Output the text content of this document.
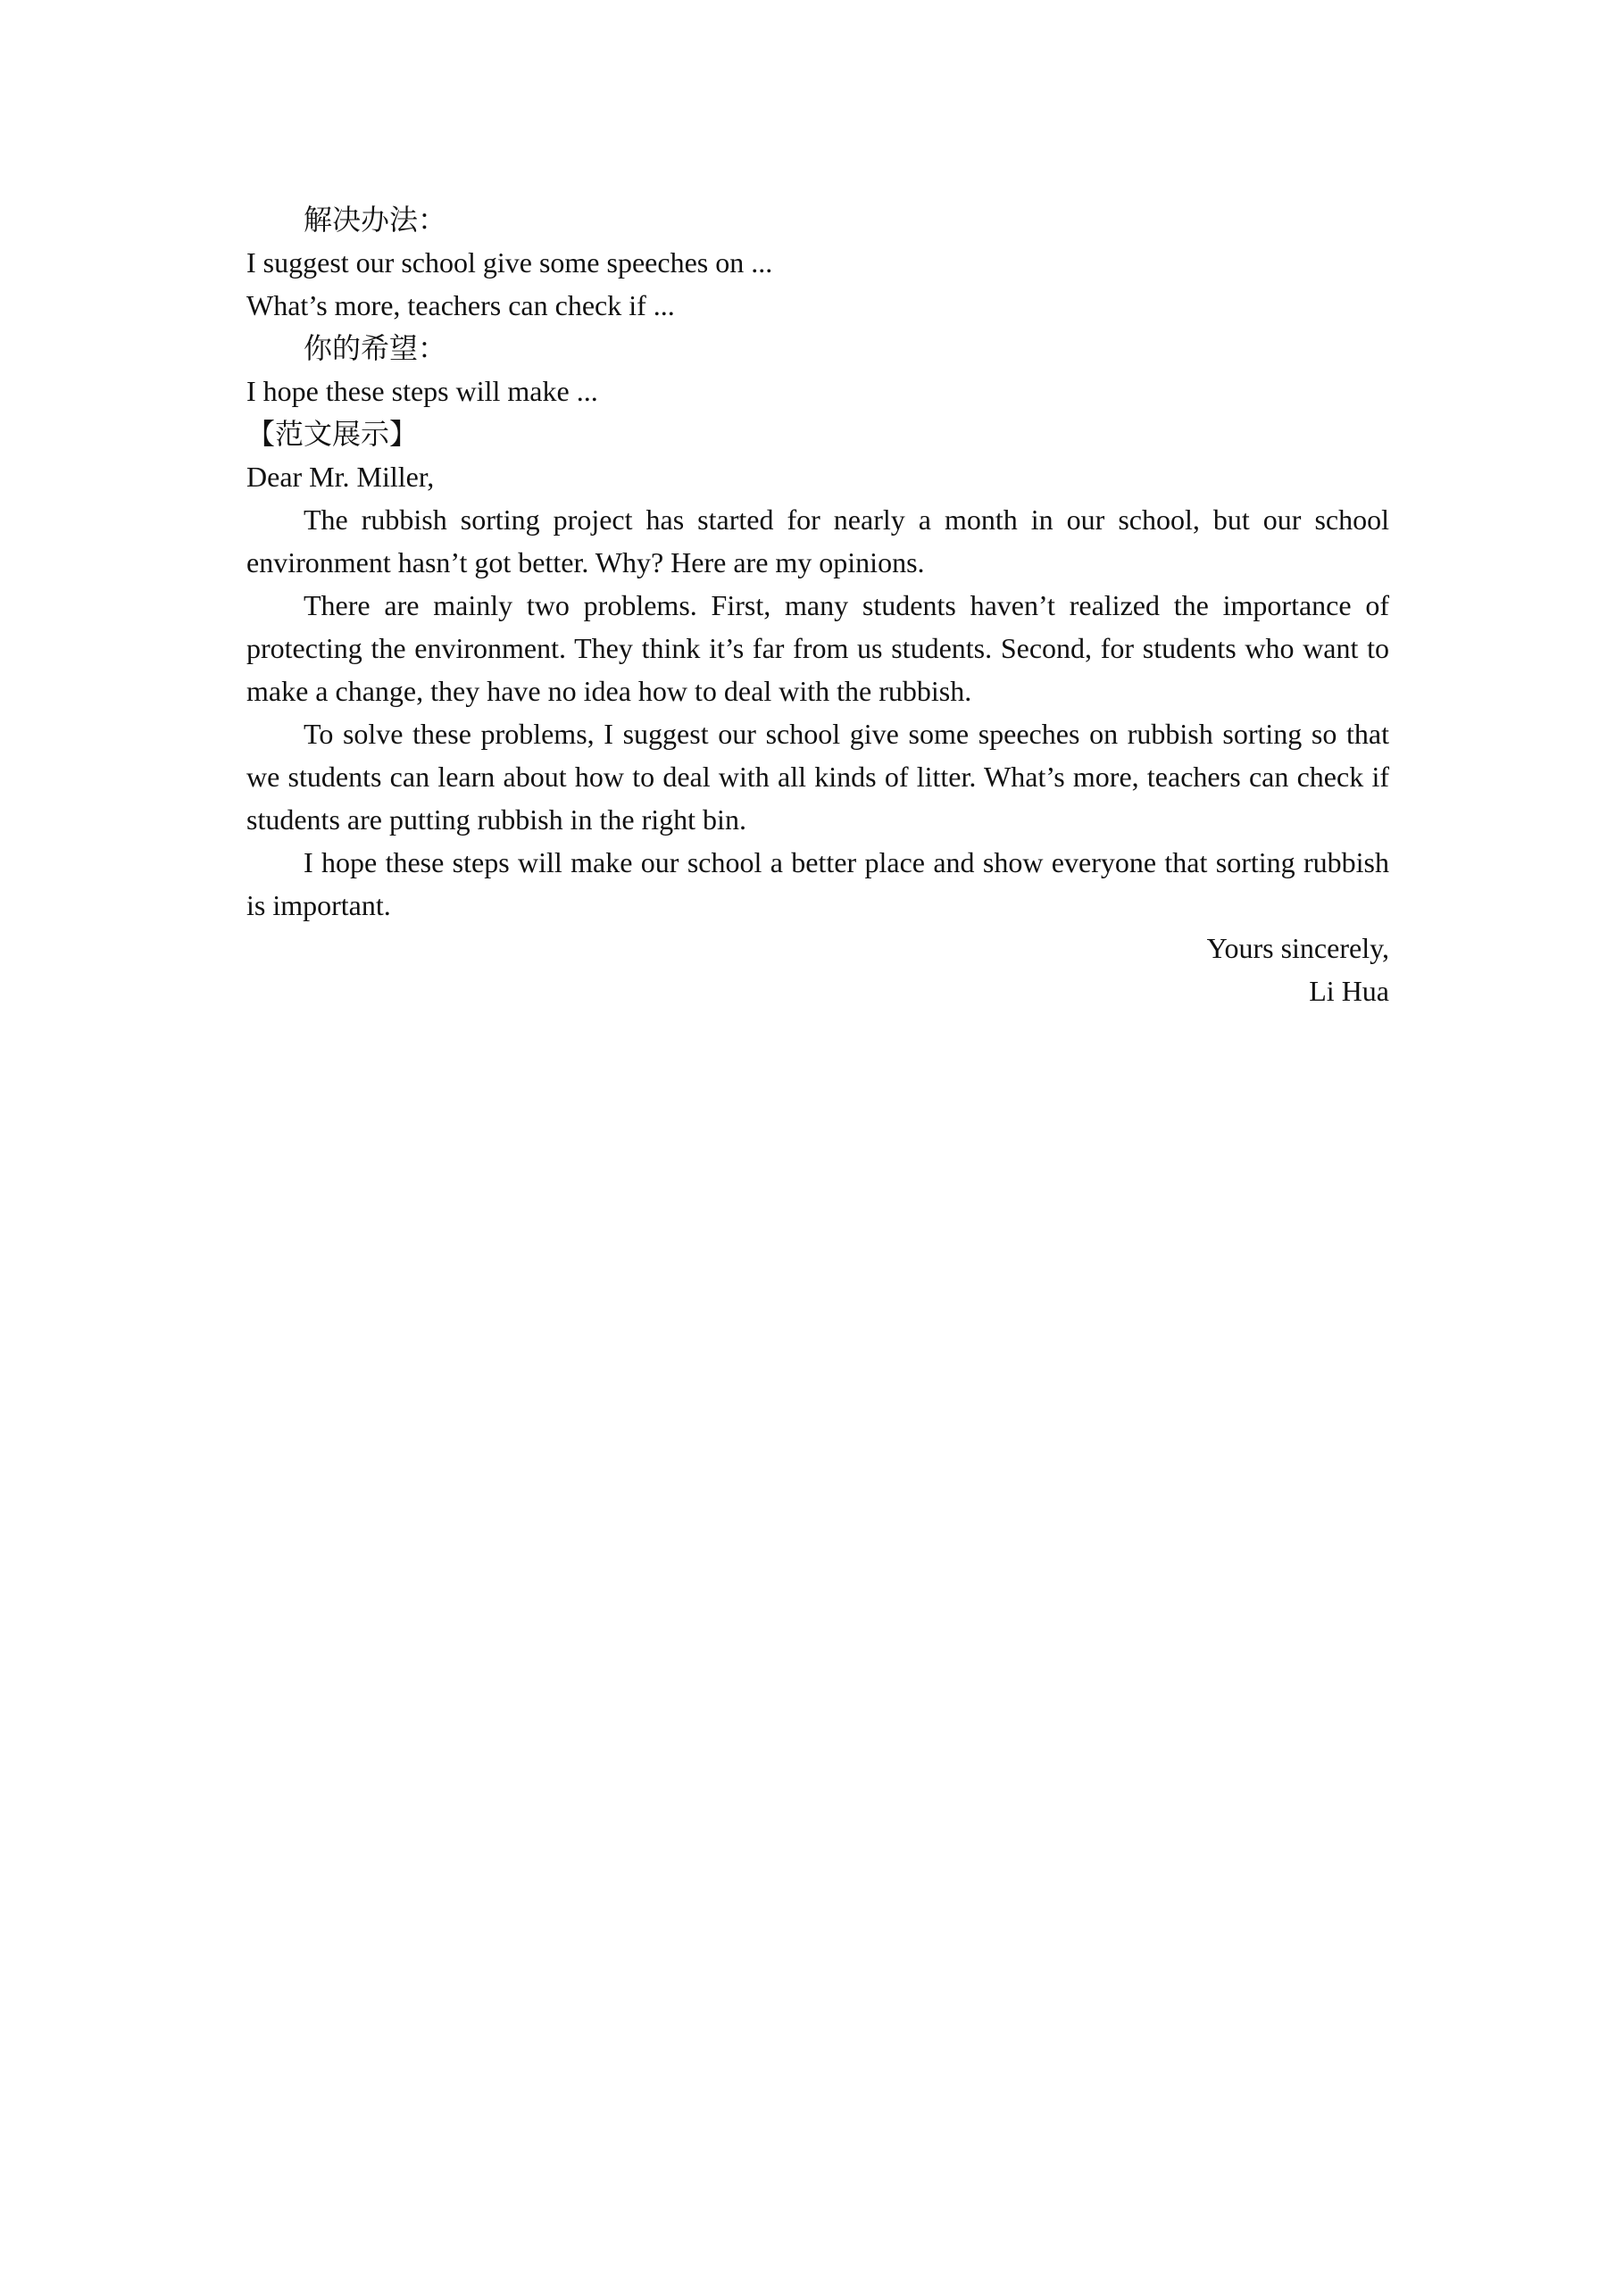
解决办法：
I suggest our school give some speeches on ...
What’s more, teachers can check if ...
你的希望：
I hope these steps will make ...
【范文展示】
Dear Mr. Miller,
The rubbish sorting project has started for nearly a month in our school, but our school environment hasn’t got better. Why? Here are my opinions.
There are mainly two problems. First, many students haven’t realized the importance of protecting the environment. They think it’s far from us students. Second, for students who want to make a change, they have no idea how to deal with the rubbish.
To solve these problems, I suggest our school give some speeches on rubbish sorting so that we students can learn about how to deal with all kinds of litter. What’s more, teachers can check if students are putting rubbish in the right bin.
I hope these steps will make our school a better place and show everyone that sorting rubbish is important.
Yours sincerely,
Li Hua
